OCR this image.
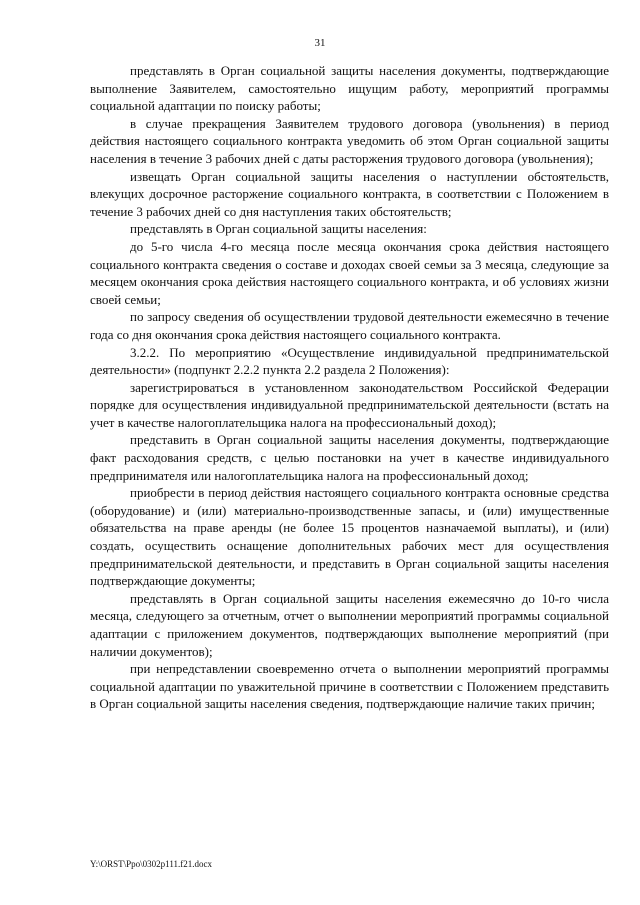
31

представлять в Орган социальной защиты населения документы, подтверждающие выполнение Заявителем, самостоятельно ищущим работу, мероприятий программы социальной адаптации по поиску работы;

в случае прекращения Заявителем трудового договора (увольнения) в период действия настоящего социального контракта уведомить об этом Орган социальной защиты населения в течение 3 рабочих дней с даты расторжения трудового договора (увольнения);

извещать Орган социальной защиты населения о наступлении обстоятельств, влекущих досрочное расторжение социального контракта, в соответствии с Положением в течение 3 рабочих дней со дня наступления таких обстоятельств;

представлять в Орган социальной защиты населения:

до 5-го числа 4-го месяца после месяца окончания срока действия настоящего социального контракта сведения о составе и доходах своей семьи за 3 месяца, следующие за месяцем окончания срока действия настоящего социального контракта, и об условиях жизни своей семьи;

по запросу сведения об осуществлении трудовой деятельности ежемесячно в течение года со дня окончания срока действия настоящего социального контракта.

3.2.2. По мероприятию «Осуществление индивидуальной предпринимательской деятельности» (подпункт 2.2.2 пункта 2.2 раздела 2 Положения):

зарегистрироваться в установленном законодательством Российской Федерации порядке для осуществления индивидуальной предпринимательской деятельности (встать на учет в качестве налогоплательщика налога на профессиональный доход);

представить в Орган социальной защиты населения документы, подтверждающие факт расходования средств, с целью постановки на учет в качестве индивидуального предпринимателя или налогоплательщика налога на профессиональный доход;

приобрести в период действия настоящего социального контракта основные средства (оборудование) и (или) материально-производственные запасы, и (или) имущественные обязательства на праве аренды (не более 15 процентов назначаемой выплаты), и (или) создать, осуществить оснащение дополнительных рабочих мест для осуществления предпринимательской деятельности, и представить в Орган социальной защиты населения подтверждающие документы;

представлять в Орган социальной защиты населения ежемесячно до 10-го числа месяца, следующего за отчетным, отчет о выполнении мероприятий программы социальной адаптации с приложением документов, подтверждающих выполнение мероприятий (при наличии документов);

при непредставлении своевременно отчета о выполнении мероприятий программы социальной адаптации по уважительной причине в соответствии с Положением представить в Орган социальной защиты населения сведения, подтверждающие наличие таких причин;

Y:\ORST\Ppo\0302p111.f21.docx
